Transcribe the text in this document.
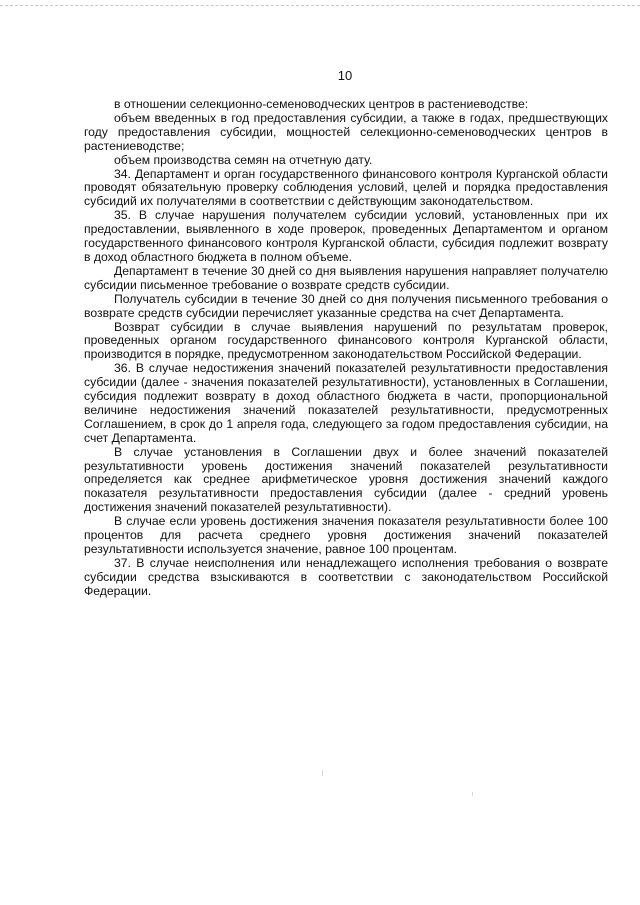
10

в отношении селекционно-семеноводческих центров в растениеводстве:

объем введенных в год предоставления субсидии, а также в годах, предшествующих году предоставления субсидии, мощностей селекционно-семеноводческих центров в растениеводстве;

объем производства семян на отчетную дату.

34. Департамент и орган государственного финансового контроля Курганской области проводят обязательную проверку соблюдения условий, целей и порядка предоставления субсидий их получателями в соответствии с действующим законодательством.

35. В случае нарушения получателем субсидии условий, установленных при их предоставлении, выявленного в ходе проверок, проведенных Департаментом и органом государственного финансового контроля Курганской области, субсидия подлежит возврату в доход областного бюджета в полном объеме.

Департамент в течение 30 дней со дня выявления нарушения направляет получателю субсидии письменное требование о возврате средств субсидии.

Получатель субсидии в течение 30 дней со дня получения письменного требования о возврате средств субсидии перечисляет указанные средства на счет Департамента.

Возврат субсидии в случае выявления нарушений по результатам проверок, проведенных органом государственного финансового контроля Курганской области, производится в порядке, предусмотренном законодательством Российской Федерации.

36. В случае недостижения значений показателей результативности предоставления субсидии (далее - значения показателей результативности), установленных в Соглашении, субсидия подлежит возврату в доход областного бюджета в части, пропорциональной величине недостижения значений показателей результативности, предусмотренных Соглашением, в срок до 1 апреля года, следующего за годом предоставления субсидии, на счет Департамента.

В случае установления в Соглашении двух и более значений показателей результативности уровень достижения значений показателей результативности определяется как среднее арифметическое уровня достижения значений каждого показателя результативности предоставления субсидии (далее - средний уровень достижения значений показателей результативности).

В случае если уровень достижения значения показателя результативности более 100 процентов для расчета среднего уровня достижения значений показателей результативности используется значение, равное 100 процентам.

37. В случае неисполнения или ненадлежащего исполнения требования о возврате субсидии средства взыскиваются в соответствии с законодательством Российской Федерации.
